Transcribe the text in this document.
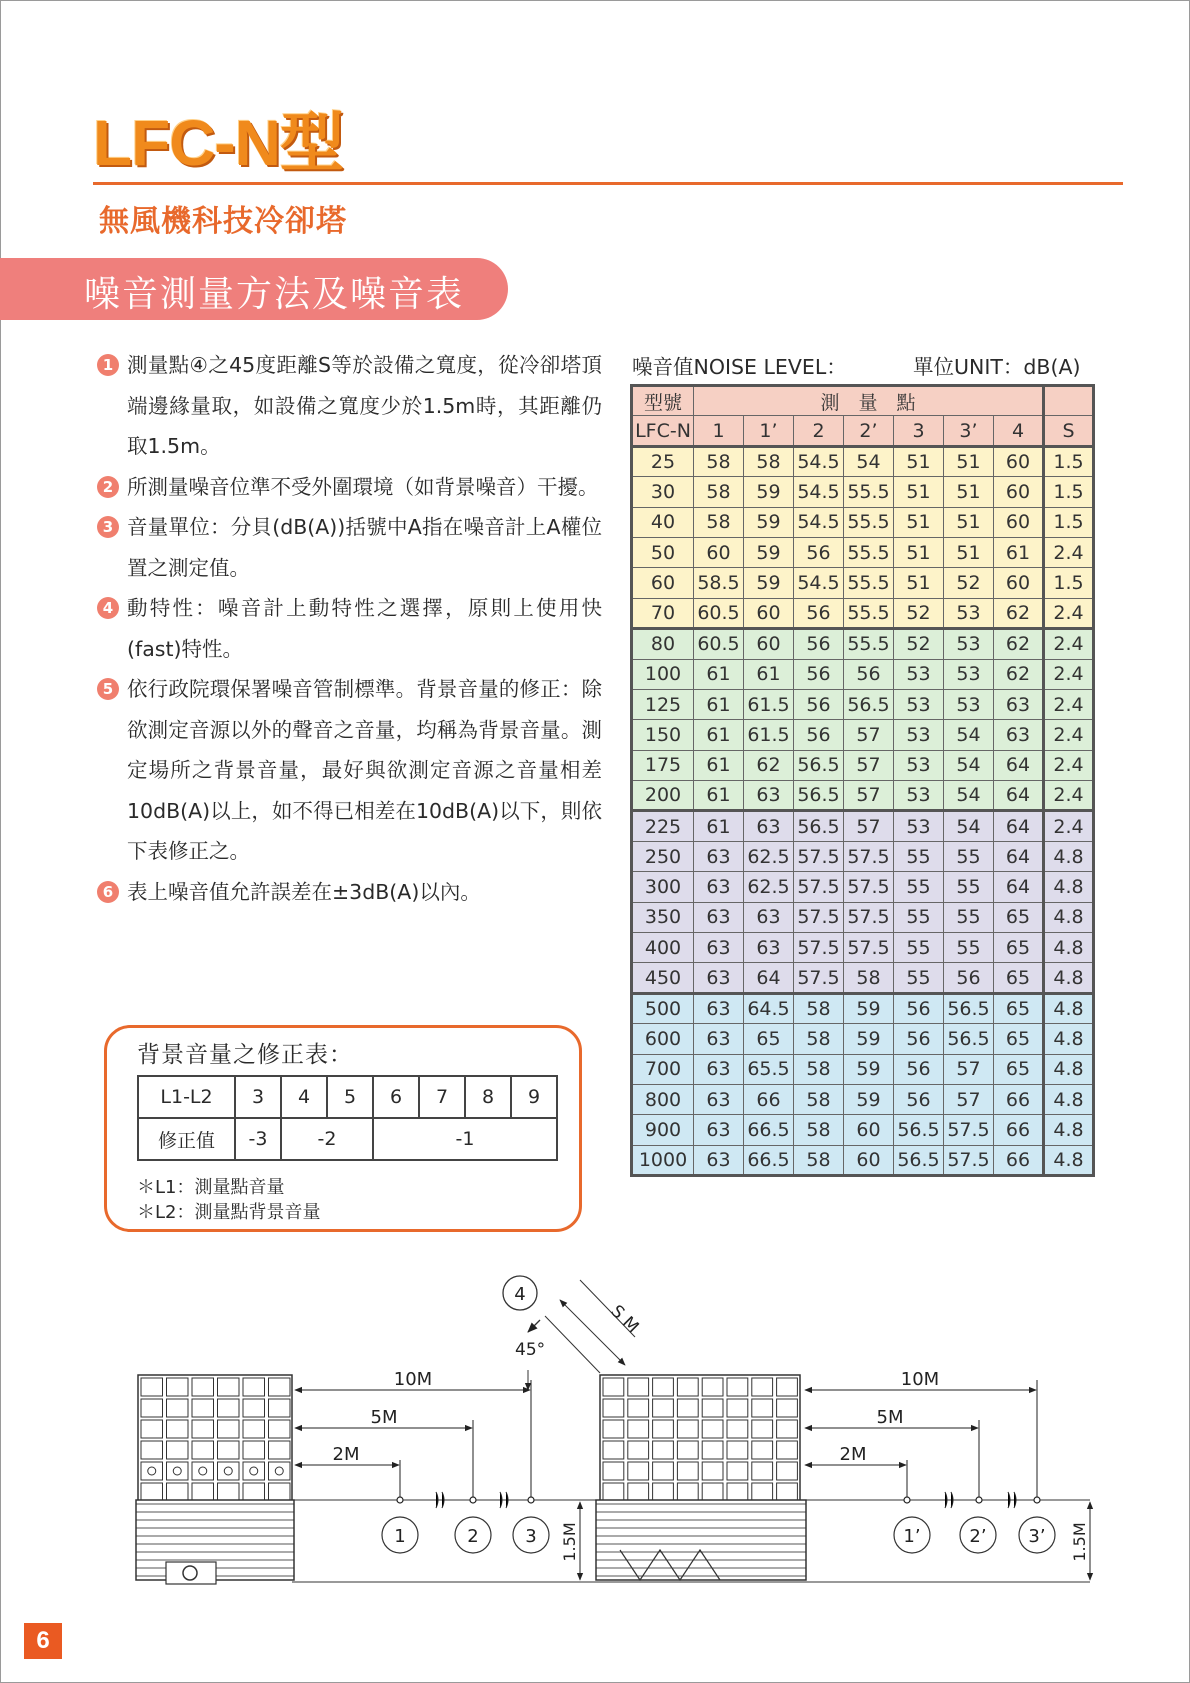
LFC-N型
無風機科技冷卻塔
噪音測量方法及噪音表
1 測量點④之45度距離S等於設備之寬度，從冷卻塔頂端邊緣量取，如設備之寬度少於1.5m時，其距離仍取1.5m。
2 所測量噪音位準不受外圍環境（如背景噪音）干擾。
3 音量單位：分貝(dB(A))括號中A指在噪音計上A權位置之測定值。
4 動特性：噪音計上動特性之選擇，原則上使用快(fast)特性。
5 依行政院環保署噪音管制標準。背景音量的修正：除欲測定音源以外的聲音之音量，均稱為背景音量。測定場所之背景音量，最好與欲測定音源之音量相差10dB(A)以上，如不得已相差在10dB(A)以下，則依下表修正之。
6 表上噪音值允許誤差在±3dB(A)以內。
背景音量之修正表：
L1-L2	3	4	5	6	7	8	9
修正值	-3	-2		-1			
＊L1：測量點音量
＊L2：測量點背景音量
噪音值NOISE LEVEL：	單位UNIT：dB(A)
型號	測　量　點							
LFC-N	1	1’	2	2’	3	3’	4	S
25	58	58	54.5	54	51	51	60	1.5
30	58	59	54.5	55.5	51	51	60	1.5
40	58	59	54.5	55.5	51	51	60	1.5
50	60	59	56	55.5	51	51	61	2.4
60	58.5	59	54.5	55.5	51	52	60	1.5
70	60.5	60	56	55.5	52	53	62	2.4
80	60.5	60	56	55.5	52	53	62	2.4
100	61	61	56	56	53	53	62	2.4
125	61	61.5	56	56.5	53	53	63	2.4
150	61	61.5	56	57	53	54	63	2.4
175	61	62	56.5	57	53	54	64	2.4
200	61	63	56.5	57	53	54	64	2.4
225	61	63	56.5	57	53	54	64	2.4
250	63	62.5	57.5	57.5	55	55	64	4.8
300	63	62.5	57.5	57.5	55	55	64	4.8
350	63	63	57.5	57.5	55	55	65	4.8
400	63	63	57.5	57.5	55	55	65	4.8
450	63	64	57.5	58	55	56	65	4.8
500	63	64.5	58	59	56	56.5	65	4.8
600	63	65	58	59	56	56.5	65	4.8
700	63	65.5	58	59	56	57	65	4.8
800	63	66	58	59	56	57	66	4.8
900	63	66.5	58	60	56.5	57.5	66	4.8
1000	63	66.5	58	60	56.5	57.5	66	4.8
6
4
S M
45°
10M
5M
2M
10M
5M
2M
1	2	3	1’	2’ 3’
1.5M	1.5M
